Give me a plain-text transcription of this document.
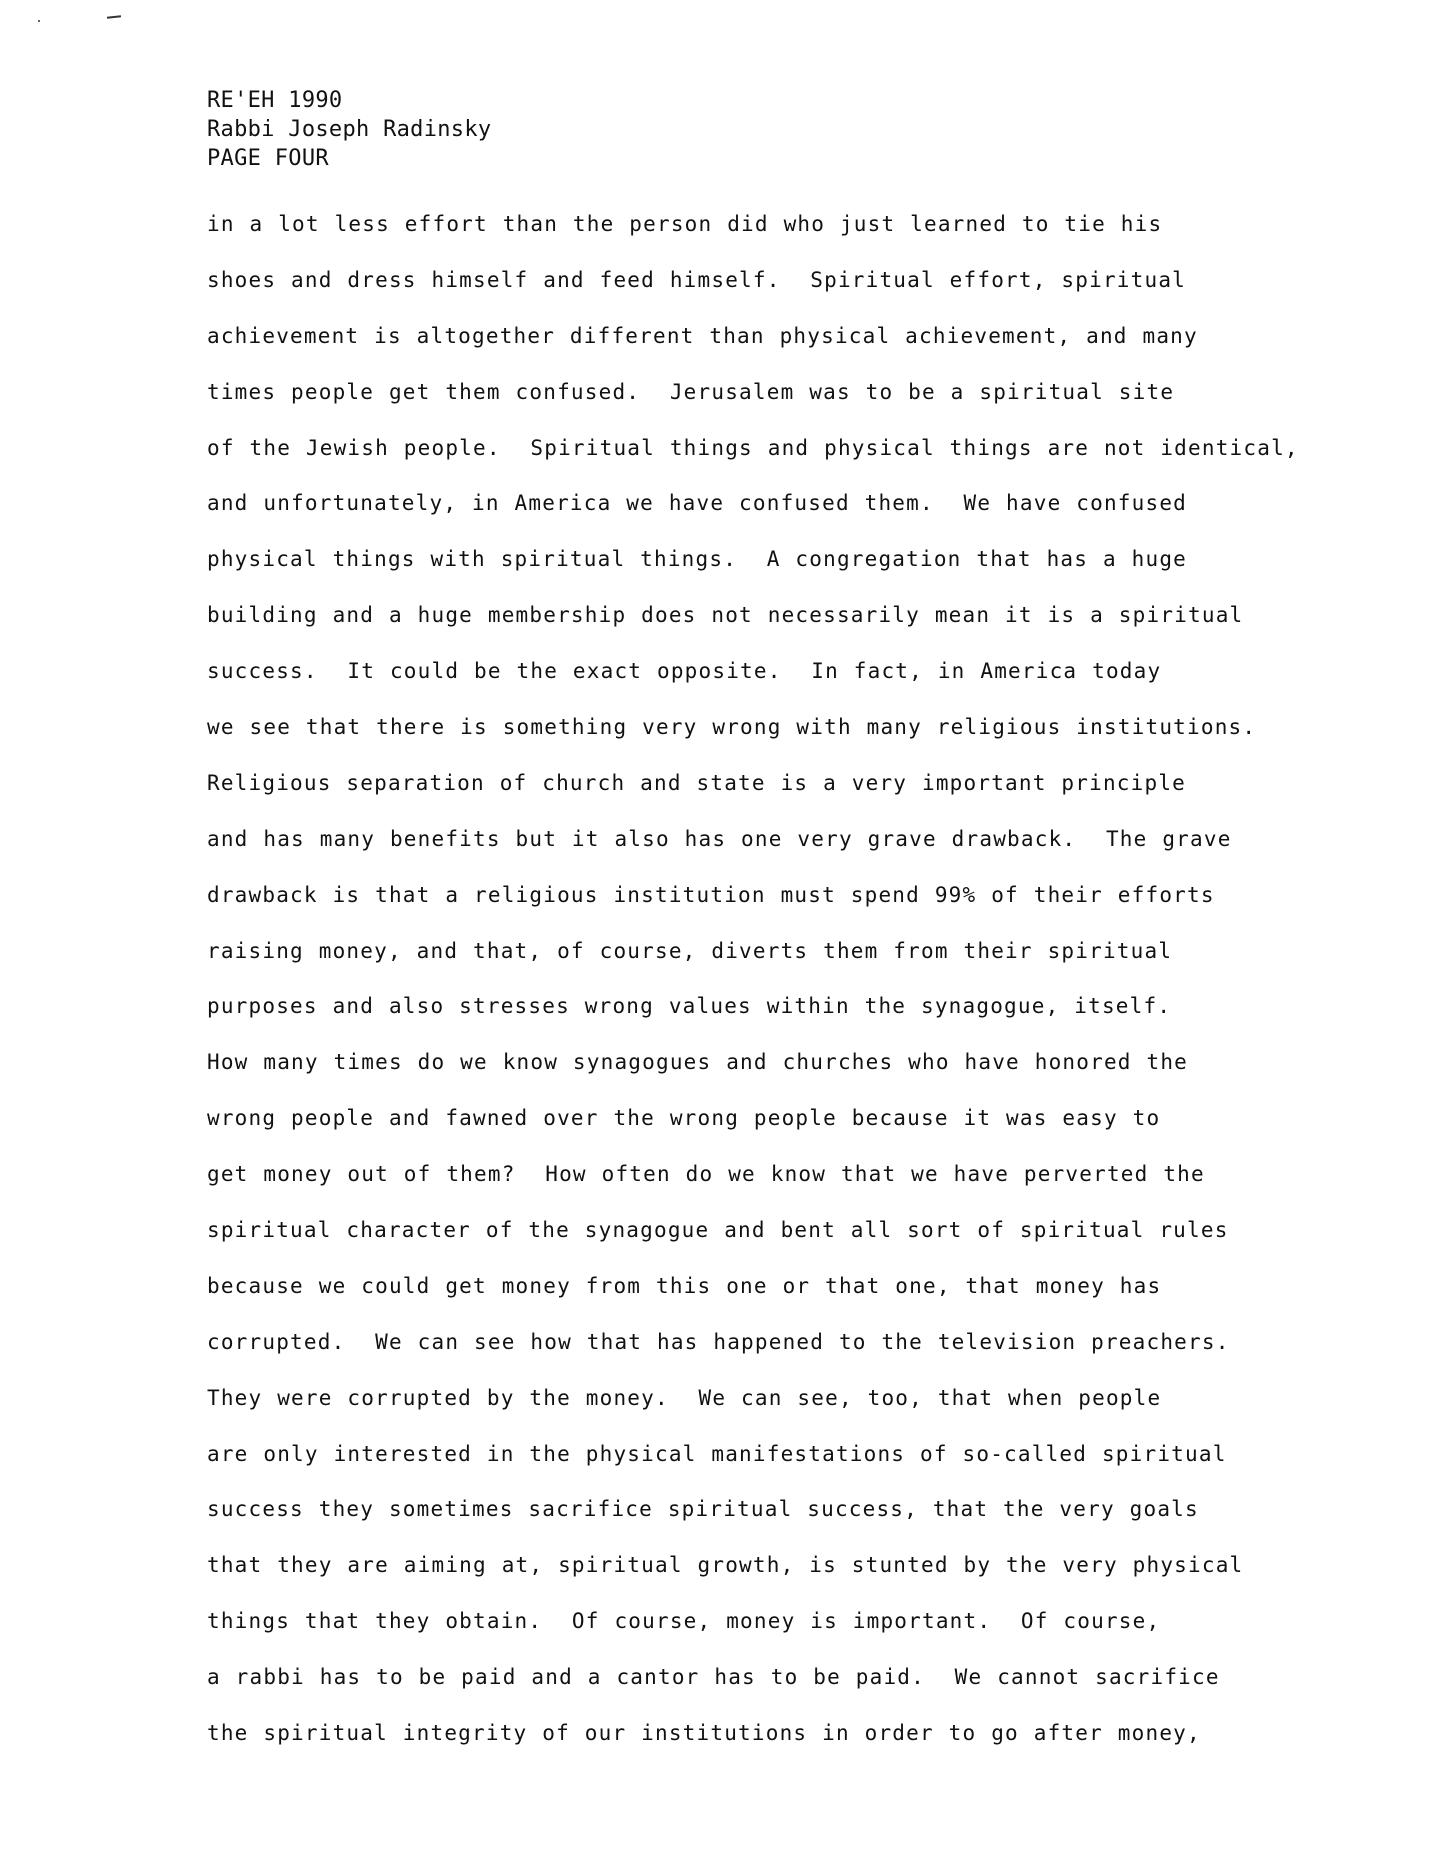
RE'EH 1990
Rabbi Joseph Radinsky
PAGE FOUR
in a lot less effort than the person did who just learned to tie his
shoes and dress himself and feed himself.  Spiritual effort, spiritual
achievement is altogether different than physical achievement, and many
times people get them confused.  Jerusalem was to be a spiritual site
of the Jewish people.  Spiritual things and physical things are not identical,
and unfortunately, in America we have confused them.  We have confused
physical things with spiritual things.  A congregation that has a huge
building and a huge membership does not necessarily mean it is a spiritual
success.  It could be the exact opposite.  In fact, in America today
we see that there is something very wrong with many religious institutions.
Religious separation of church and state is a very important principle
and has many benefits but it also has one very grave drawback.  The grave
drawback is that a religious institution must spend 99% of their efforts
raising money, and that, of course, diverts them from their spiritual
purposes and also stresses wrong values within the synagogue, itself.
How many times do we know synagogues and churches who have honored the
wrong people and fawned over the wrong people because it was easy to
get money out of them?  How often do we know that we have perverted the
spiritual character of the synagogue and bent all sort of spiritual rules
because we could get money from this one or that one, that money has
corrupted.  We can see how that has happened to the television preachers.
They were corrupted by the money.  We can see, too, that when people
are only interested in the physical manifestations of so-called spiritual
success they sometimes sacrifice spiritual success, that the very goals
that they are aiming at, spiritual growth, is stunted by the very physical
things that they obtain.  Of course, money is important.  Of course,
a rabbi has to be paid and a cantor has to be paid.  We cannot sacrifice
the spiritual integrity of our institutions in order to go after money,
